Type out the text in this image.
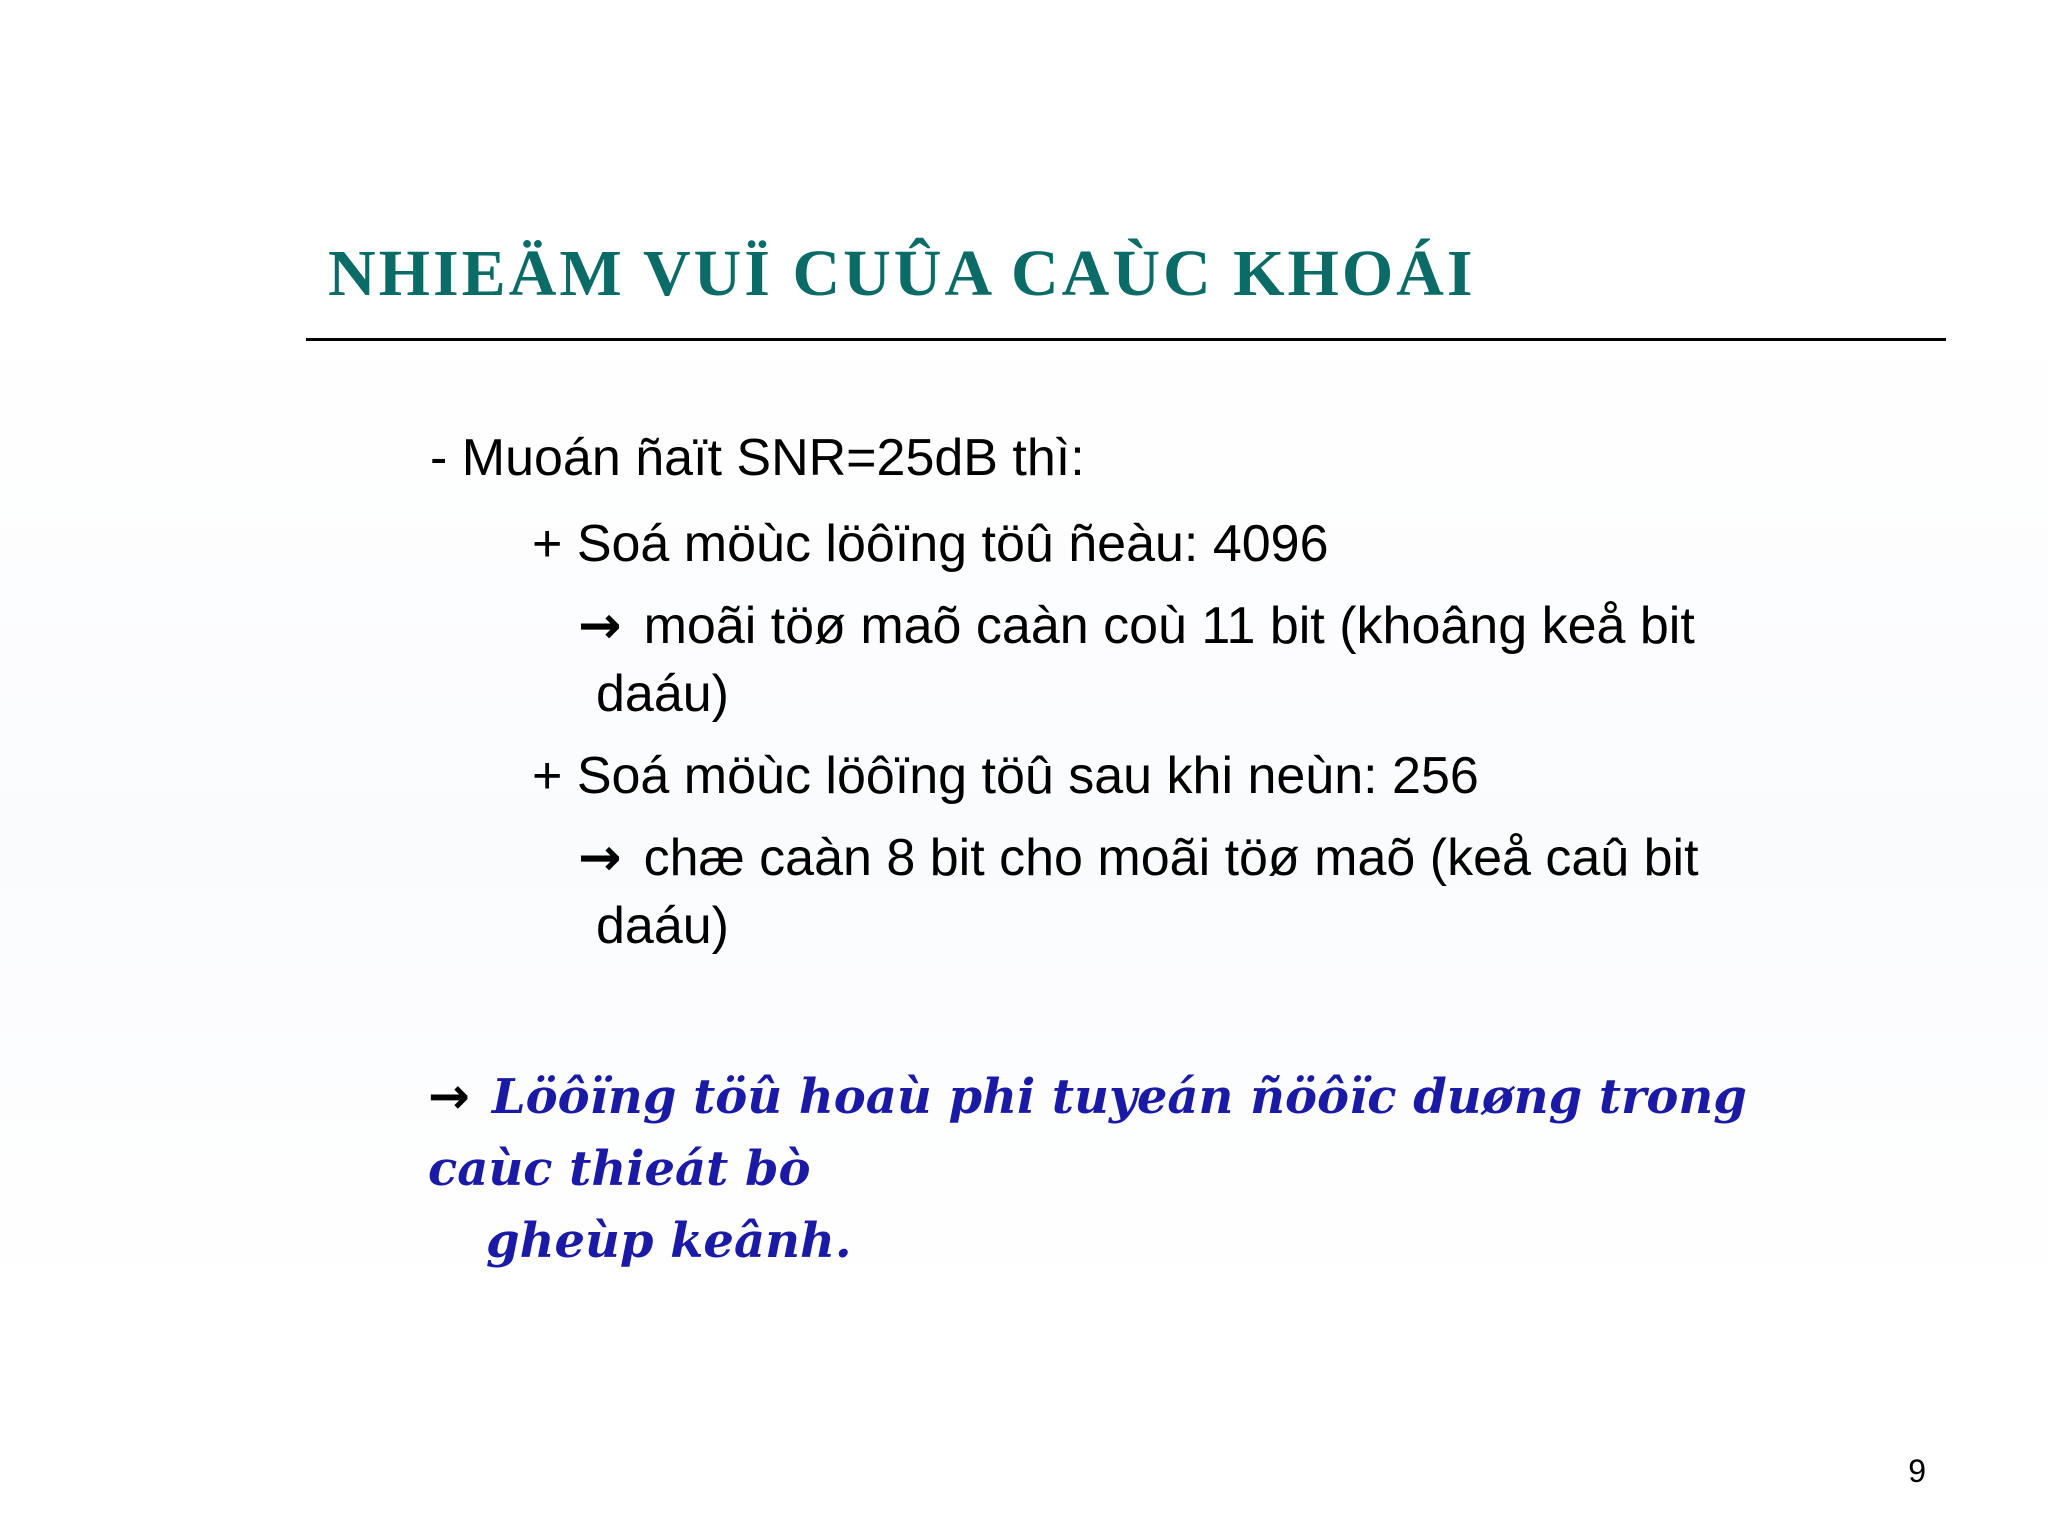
NHIEÄM VUÏ CUÛA CAÙC KHOÁI

- Muoán ñaït SNR=25dB thì:

+ Soá möùc löôïng töû ñeàu: 4096

→ moãi töø maõ caàn coù 11 bit (khoâng keå bit

daáu)

+ Soá möùc löôïng töû sau khi neùn: 256

→ chæ caàn 8 bit cho moãi töø maõ (keå caû bit

daáu)

→ Löôïng töû hoaù phi tuyeán ñöôïc duøng trong caùc thieát bò
gheùp keânh.

9
